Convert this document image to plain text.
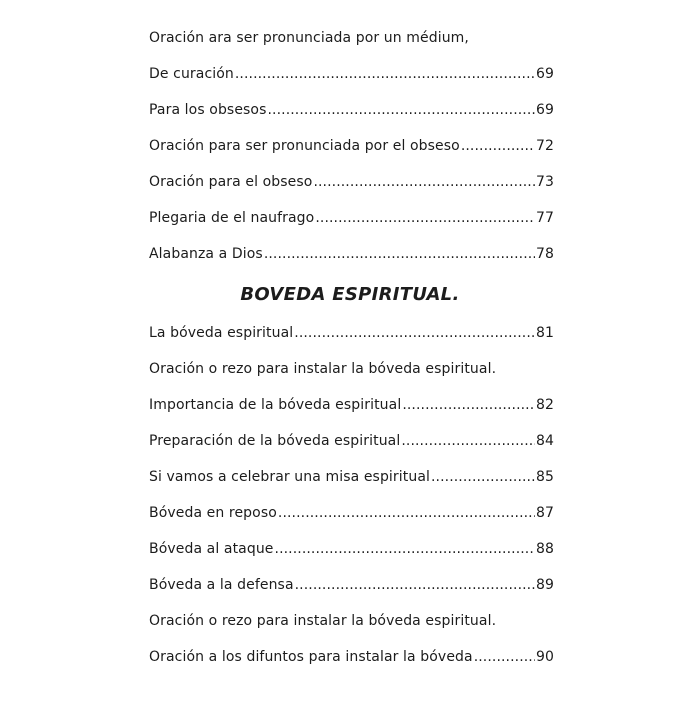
Oración ara ser pronunciada por un médium,
De curación .....	69
Para los obsesos .....	69
Oración para ser pronunciada por el obseso .....	72
Oración para el obseso .....	73
Plegaria de el naufrago .....	77
Alabanza a Dios .....	78
BOVEDA ESPIRITUAL.
La bóveda espiritual .....	81
Oración o rezo para instalar la bóveda espiritual.
Importancia de la bóveda espiritual .....	82
Preparación de la bóveda espiritual .....	84
Si vamos a celebrar una misa espiritual .....	85
Bóveda en reposo .....	87
Bóveda al ataque .....	88
Bóveda a la defensa .....	89
Oración o rezo para instalar la bóveda espiritual.
Oración a los difuntos para instalar la bóveda .....	90
